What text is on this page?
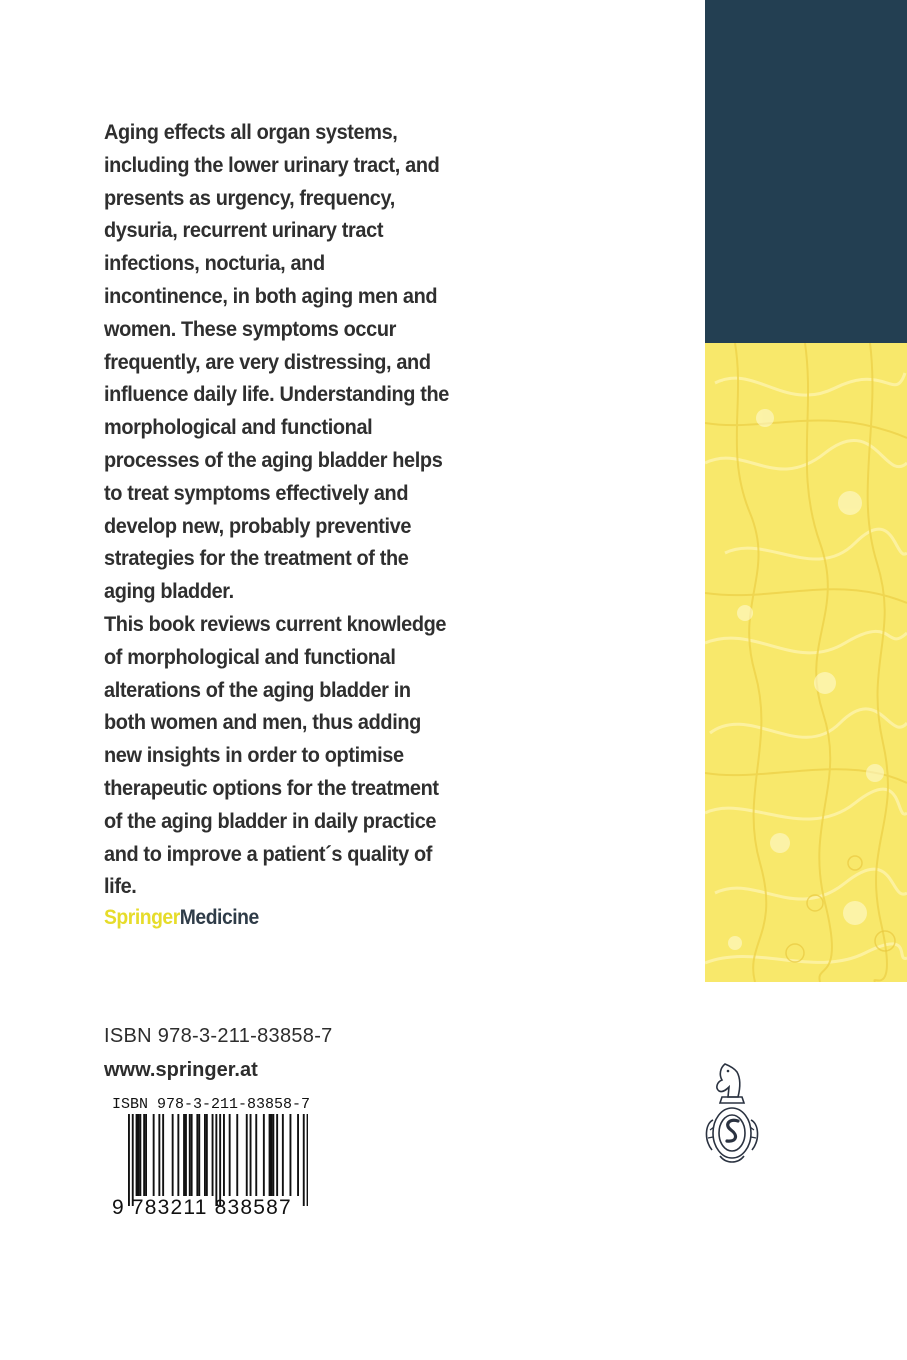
Aging effects all organ systems, including the lower urinary tract, and presents as urgency, frequency, dysuria, recurrent urinary tract infections, nocturia, and incontinence, in both aging men and women. These symptoms occur frequently, are very distressing, and influence daily life. Understanding the morphological and functional processes of the aging bladder helps to treat symptoms effectively and develop new, probably preventive strategies for the treatment of the aging bladder.

This book reviews current knowledge of morphological and functional alterations of the aging bladder in both women and men, thus adding new insights in order to optimise therapeutic options for the treatment of the aging bladder in daily practice and to improve a patient´s quality of life.

SpringerMedicine
ISBN 978-3-211-83858-7
www.springer.at
ISBN 978-3-211-83858-7
9 783211 838587
